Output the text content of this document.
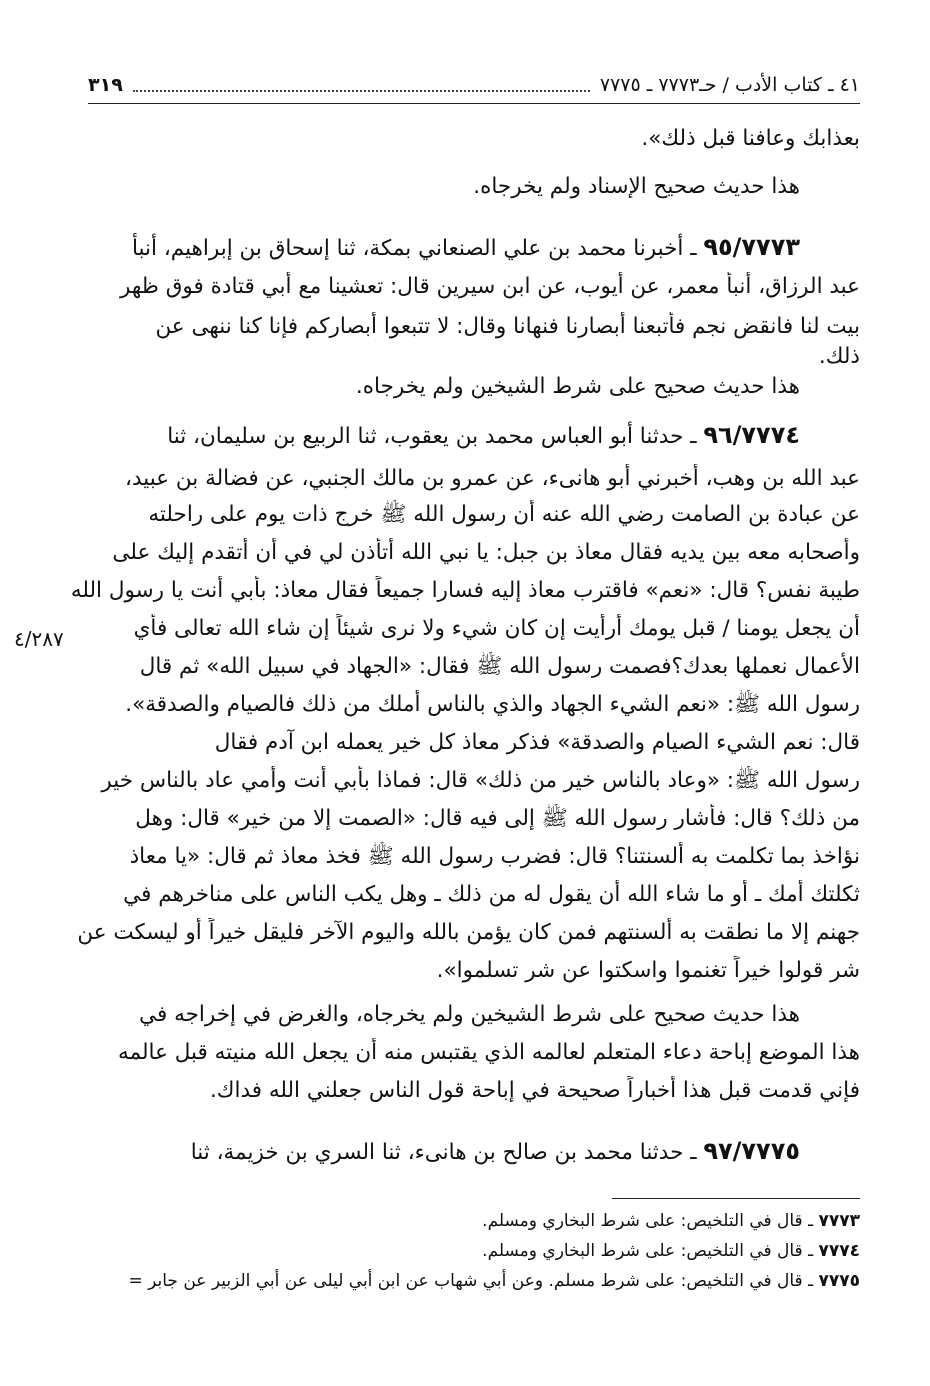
٤١ ـ كتاب الأدب / حـ٧٧٧٣ ـ ٧٧٧٥
٣١٩
بعذابك وعافنا قبل ذلك».
هذا حديث صحيح الإسناد ولم يخرجاه.
٩٥/٧٧٧٣ ـ أخبرنا محمد بن علي الصنعاني بمكة، ثنا إسحاق بن إبراهيم، أنبأ
عبد الرزاق، أنبأ معمر، عن أيوب، عن ابن سيرين قال: تعشينا مع أبي قتادة فوق ظهر
بيت لنا فانقض نجم فأتبعنا أبصارنا فنهانا وقال: لا تتبعوا أبصاركم فإنا كنا ننهى عن
ذلك.
هذا حديث صحيح على شرط الشيخين ولم يخرجاه.
٩٦/٧٧٧٤ ـ حدثنا أبو العباس محمد بن يعقوب، ثنا الربيع بن سليمان، ثنا
عبد الله بن وهب، أخبرني أبو هانىء، عن عمرو بن مالك الجنبي، عن فضالة بن عبيد،
عن عبادة بن الصامت رضي الله عنه أن رسول الله ﷺ خرج ذات يوم على راحلته
وأصحابه معه بين يديه فقال معاذ بن جبل: يا نبي الله أتأذن لي في أن أتقدم إليك على
طيبة نفس؟ قال: «نعم» فاقترب معاذ إليه فسارا جميعاً فقال معاذ: بأبي أنت يا رسول الله
أن يجعل يومنا / قبل يومك أرأيت إن كان شيء ولا نرى شيئاً إن شاء الله تعالى فأي
الأعمال نعملها بعدك؟فصمت رسول الله ﷺ فقال: «الجهاد في سبيل الله» ثم قال
رسول الله ﷺ: «نعم الشيء الجهاد والذي بالناس أملك من ذلك فالصيام والصدقة».
قال: نعم الشيء الصيام والصدقة» فذكر معاذ كل خير يعمله ابن آدم فقال
رسول الله ﷺ: «وعاد بالناس خير من ذلك» قال: فماذا بأبي أنت وأمي عاد بالناس خير
من ذلك؟ قال: فأشار رسول الله ﷺ إلى فيه قال: «الصمت إلا من خير» قال: وهل
نؤاخذ بما تكلمت به ألسنتنا؟ قال: فضرب رسول الله ﷺ فخذ معاذ ثم قال: «يا معاذ
ثكلتك أمك ـ أو ما شاء الله أن يقول له من ذلك ـ وهل يكب الناس على مناخرهم في
جهنم إلا ما نطقت به ألسنتهم فمن كان يؤمن بالله واليوم الآخر فليقل خيراً أو ليسكت عن
شر قولوا خيراً تغنموا واسكتوا عن شر تسلموا».
هذا حديث صحيح على شرط الشيخين ولم يخرجاه، والغرض في إخراجه في
هذا الموضع إباحة دعاء المتعلم لعالمه الذي يقتبس منه أن يجعل الله منيته قبل عالمه
فإني قدمت قبل هذا أخباراً صحيحة في إباحة قول الناس جعلني الله فداك.
٩٧/٧٧٧٥ ـ حدثنا محمد بن صالح بن هانىء، ثنا السري بن خزيمة، ثنا
٤/٢٨٧
٧٧٧٣ ـ قال في التلخيص: على شرط البخاري ومسلم.
٧٧٧٤ ـ قال في التلخيص: على شرط البخاري ومسلم.
٧٧٧٥ ـ قال في التلخيص: على شرط مسلم. وعن أبي شهاب عن ابن أبي ليلى عن أبي الزبير عن جابر =
